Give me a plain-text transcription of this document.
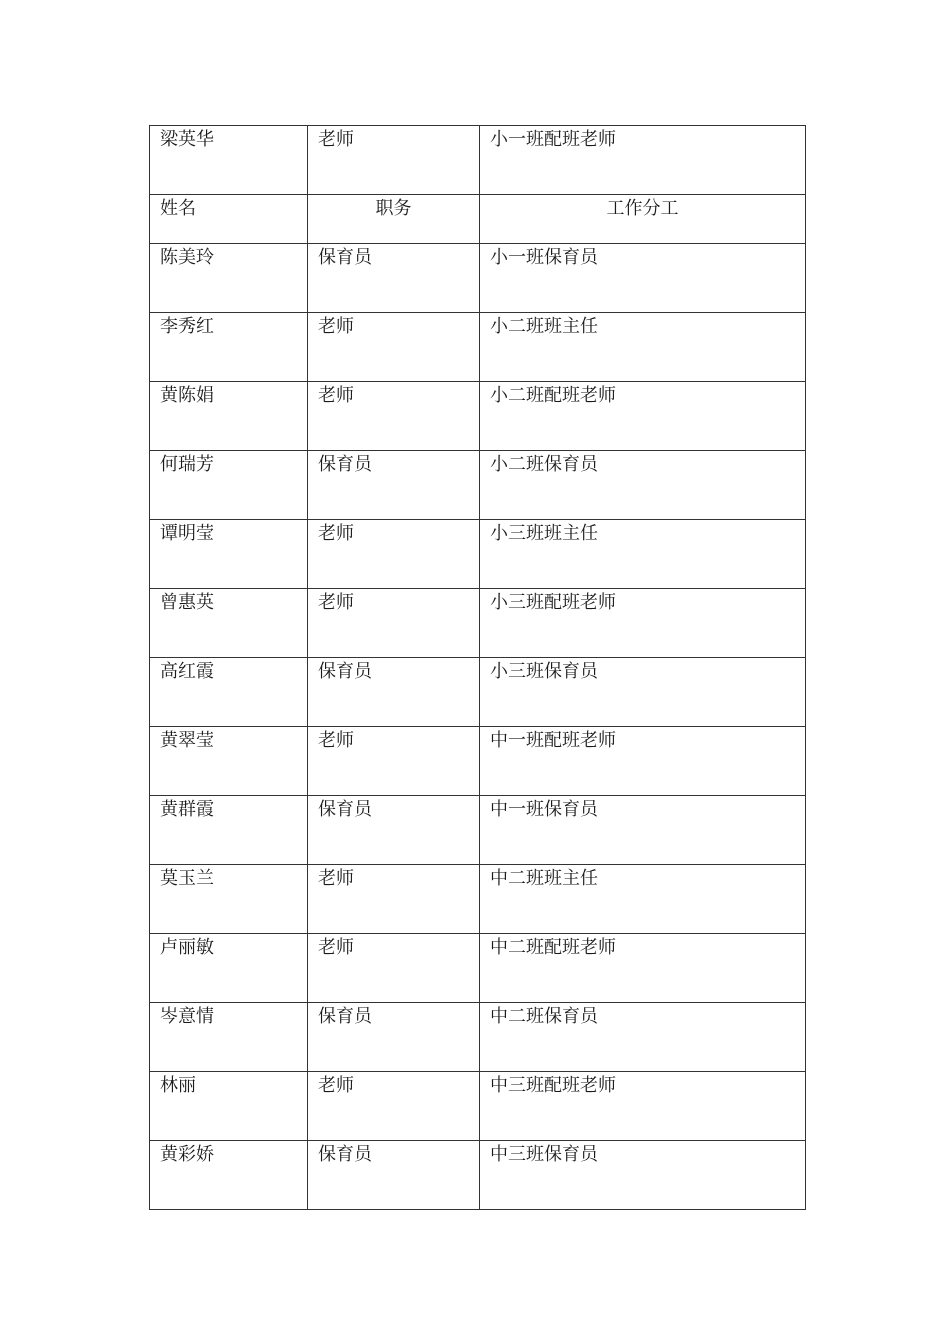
梁英华	老师	小一班配班老师
姓名	职务	工作分工
陈美玲	保育员	小一班保育员
李秀红	老师	小二班班主任
黄陈娟	老师	小二班配班老师
何瑞芳	保育员	小二班保育员
谭明莹	老师	小三班班主任
曾惠英	老师	小三班配班老师
高红霞	保育员	小三班保育员
黄翠莹	老师	中一班配班老师
黄群霞	保育员	中一班保育员
莫玉兰	老师	中二班班主任
卢丽敏	老师	中二班配班老师
岑意情	保育员	中二班保育员
林丽	老师	中三班配班老师
黄彩娇	保育员	中三班保育员
